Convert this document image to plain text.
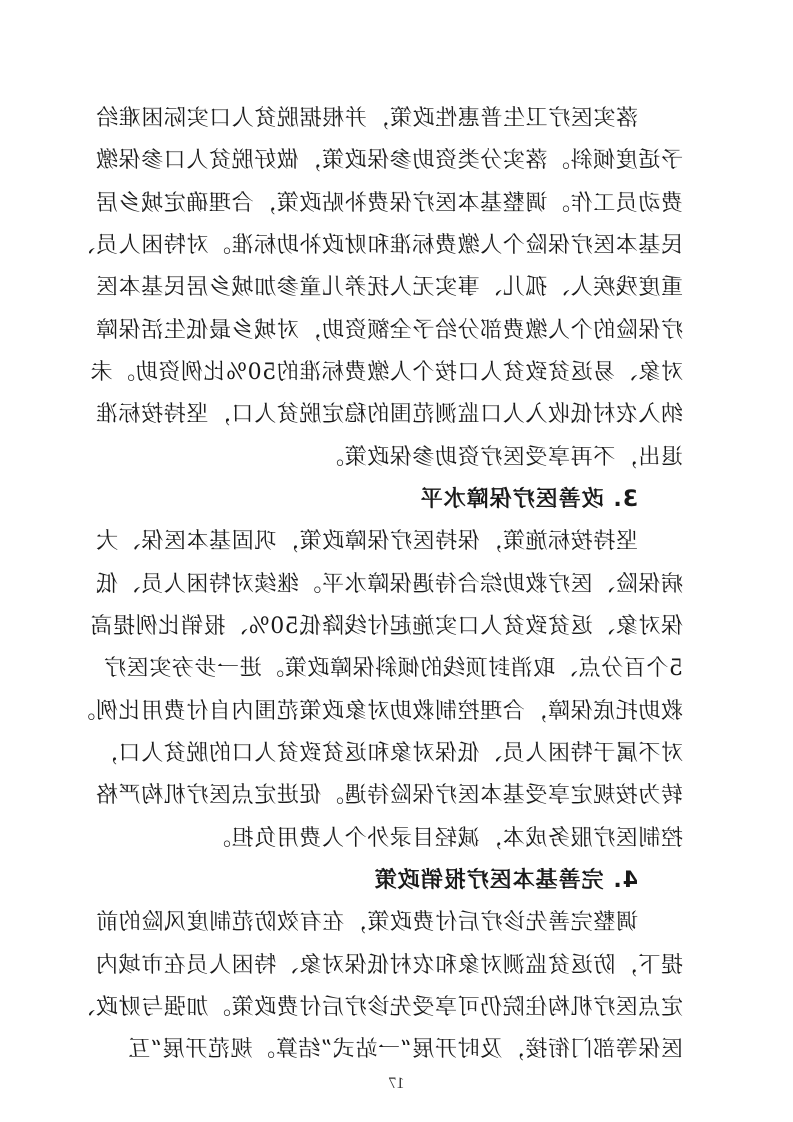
落实医疗卫生普惠性政策，并根据脱贫人口实际困难给
予适度倾斜。落实分类资助参保政策，做好脱贫人口参保缴
费动员工作。调整基本医疗保费补贴政策，合理确定城乡居
民基本医疗保险个人缴费标准和财政补助标准。对特困人员、
重度残疾人、孤儿、事实无人抚养儿童参加城乡居民基本医
疗保险的个人缴费部分给予全额资助，对城乡最低生活保障
对象、易返贫致贫人口按个人缴费标准的50%比例资助。未
纳入农村低收入人口监测范围的稳定脱贫人口，坚持按标准
退出，不再享受医疗资助参保政策。
3. 改善医疗保障水平
坚持按标施策，保持医疗保障政策，巩固基本医保、大
病保险、医疗救助综合待遇保障水平。继续对特困人员、低
保对象、返贫致贫人口实施起付线降低50%、报销比例提高
5个百分点、取消封顶线的倾斜保障政策。进一步夯实医疗
救助托底保障，合理控制救助对象政策范围内自付费用比例。
对不属于特困人员、低保对象和返贫致贫人口的脱贫人口，
转为按规定享受基本医疗保险待遇。促进定点医疗机构严格
控制医疗服务成本，减轻目录外个人费用负担。
4. 完善基本医疗报销政策
调整完善先诊疗后付费政策，在有效防范制度风险的前
提下，防返贫监测对象和农村低保对象、特困人员在市域内
定点医疗机构住院仍可享受先诊疗后付费政策。加强与财政、
医保等部门衔接，及时开展“一站式”结算。规范开展“互
17
